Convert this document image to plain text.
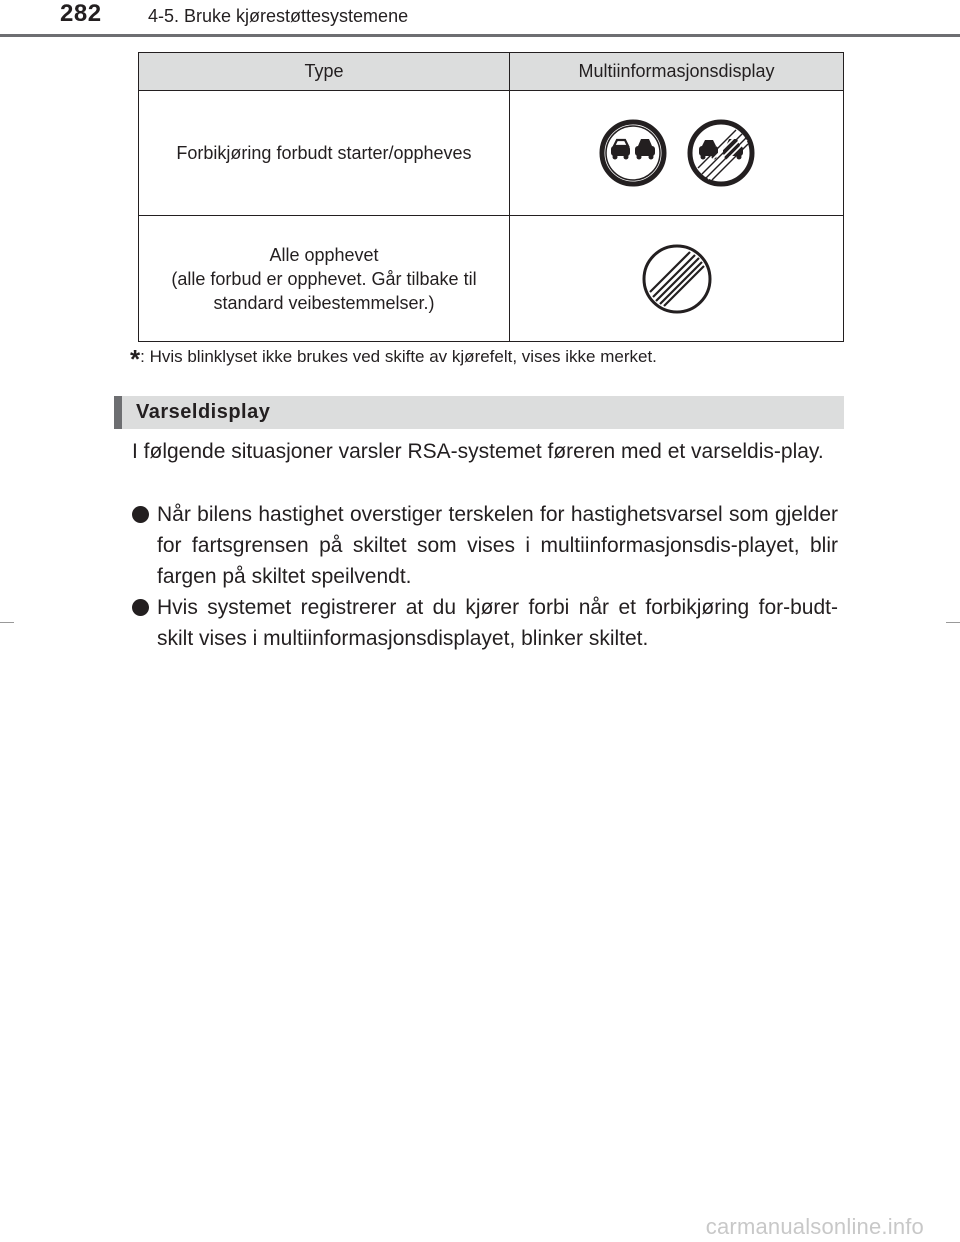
282	4-5. Bruke kjørestøttesystemene
Type	Multiinformasjonsdisplay

Forbikjøring forbudt starter/oppheves

Alle opphevet
(alle forbud er opphevet. Går tilbake til
standard veibestemmelser.)

*: Hvis blinklyset ikke brukes ved skifte av kjørefelt, vises ikke merket.
Varseldisplay
I følgende situasjoner varsler RSA-systemet føreren med et varseldis-play.
Når bilens hastighet overstiger terskelen for hastighetsvarsel som gjelder for fartsgrensen på skiltet som vises i multiinformasjonsdis-playet, blir fargen på skiltet speilvendt.
Hvis systemet registrerer at du kjører forbi når et forbikjøring for-budt-skilt vises i multiinformasjonsdisplayet, blinker skiltet.
carmanualsonline.info
